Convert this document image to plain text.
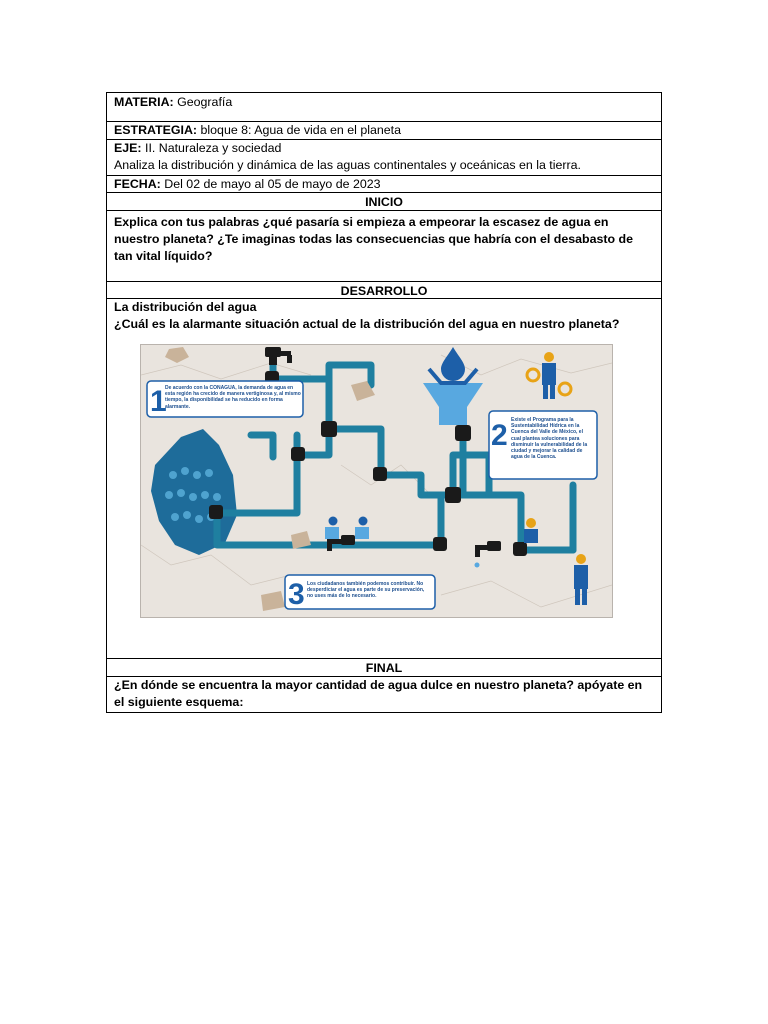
MATERIA: Geografía
ESTRATEGIA: bloque 8: Agua de vida en el planeta
EJE: II. Naturaleza y sociedad
Analiza la distribución y dinámica de las aguas continentales y oceánicas en la tierra.
FECHA: Del 02 de mayo al 05 de mayo de 2023
INICIO
Explica con tus palabras ¿qué pasaría si empieza a empeorar la escasez de agua en nuestro planeta? ¿Te imaginas todas las consecuencias que habría con el desabasto de tan vital líquido?
DESARROLLO
La distribución del agua
¿Cuál es la alarmante situación actual de la distribución del agua en nuestro planeta?
1
2
3
De acuerdo con la CONAGUA, la demanda de agua en esta región ha crecido de manera vertiginosa y, al mismo tiempo, la disponibilidad se ha reducido en forma alarmante.
Existe el Programa para la Sustentabilidad Hídrica en la Cuenca del Valle de México, el cual plantea soluciones para disminuir la vulnerabilidad de la ciudad y mejorar la calidad de agua de la Cuenca.
Los ciudadanos también podemos contribuir. No desperdiciar el agua es parte de su preservación, no uses más de lo necesario.
FINAL
¿En dónde se encuentra la mayor cantidad de agua dulce en nuestro planeta? apóyate en el siguiente esquema:
